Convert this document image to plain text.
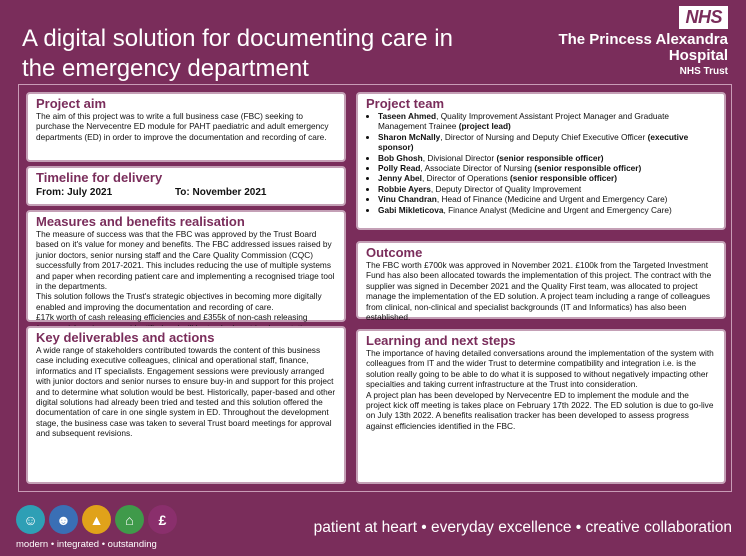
A digital solution for documenting care in the emergency department
NHS
The Princess Alexandra
Hospital
NHS Trust
Project aim

The aim of this project was to write a full business case (FBC) seeking to purchase the Nervecentre ED module for PAHT paediatric and adult emergency departments (ED) in order to improve the documentation and recording of care.

Timeline for delivery
From: July 2021	To: November 2021
Measures and benefits realisation

The measure of success was that the FBC was approved by the Trust Board based on it's value for money and benefits. The FBC addressed issues raised by junior doctors, senior nursing staff and the Care Quality Commission (CQC) successfully from 2017-2021. This includes reducing the use of multiple systems and paper when recording patient care and implementing a recognised triage tool in the departments.

This solution follows the Trust's strategic objectives in becoming more digitally enabled and improving the documentation and recording of care.

£17k worth of cash releasing efficiencies and £355k of non-cash releasing

Key deliverables and actions

A wide range of stakeholders contributed towards the content of this business case including executive colleagues, clinical and operational staff, finance, informatics and IT specialists. Engagement sessions were previously arranged with junior doctors and senior nurses to ensure buy-in and support for this project and to determine what solution would be best. Historically, paper-based and other digital solutions had already been tried and tested and this solution offered the documentation of care in one single system in ED. Throughout the development stage, the business case was taken to several Trust board meetings for approval and subsequent revisions.

Project team
• Taseen Ahmed, Quality Improvement Assistant Project Manager and Graduate Management Trainee (project lead)
• Sharon McNally, Director of Nursing and Deputy Chief Executive Officer (executive sponsor)
• Bob Ghosh, Divisional Director (senior responsible officer)
• Polly Read, Associate Director of Nursing (senior responsible officer)
• Jenny Abel, Director of Operations (senior responsible officer)
• Robbie Ayers, Deputy Director of Quality Improvement
• Vinu Chandran, Head of Finance (Medicine and Urgent and Emergency Care)
• Gabi Mikleticova, Finance Analyst (Medicine and Urgent and Emergency Care)
Outcome

The FBC worth £700k was approved in November 2021. £100k from the Targeted Investment Fund has also been allocated towards the implementation of this project. The contract with the supplier was signed in December 2021 and the Quality First team, was allocated to project manage the implementation of the ED solution. A project team including a range of colleagues from clinical, non-clinical and specialist backgrounds (IT and Informatics) has also been established.

Learning and next steps

The importance of having detailed conversations around the implementation of the system with colleagues from IT and the wider Trust to determine compatibility and integration i.e. is the solution really going to be able to do what it is supposed to without negatively impacting other specialties and taking current infrastructure at the Trust into consideration.

A project plan has been developed by Nervecentre ED to implement the module and the project kick off meeting is takes place on February 17th 2022. The ED solution is due to go-live on July 13th 2022. A benefits realisation tracker has been developed to assess progress against efficiencies identified in the FBC.

☺	☻	▲	⌂	£
modern • integrated • outstanding
patient at heart • everyday excellence • creative collaboration
